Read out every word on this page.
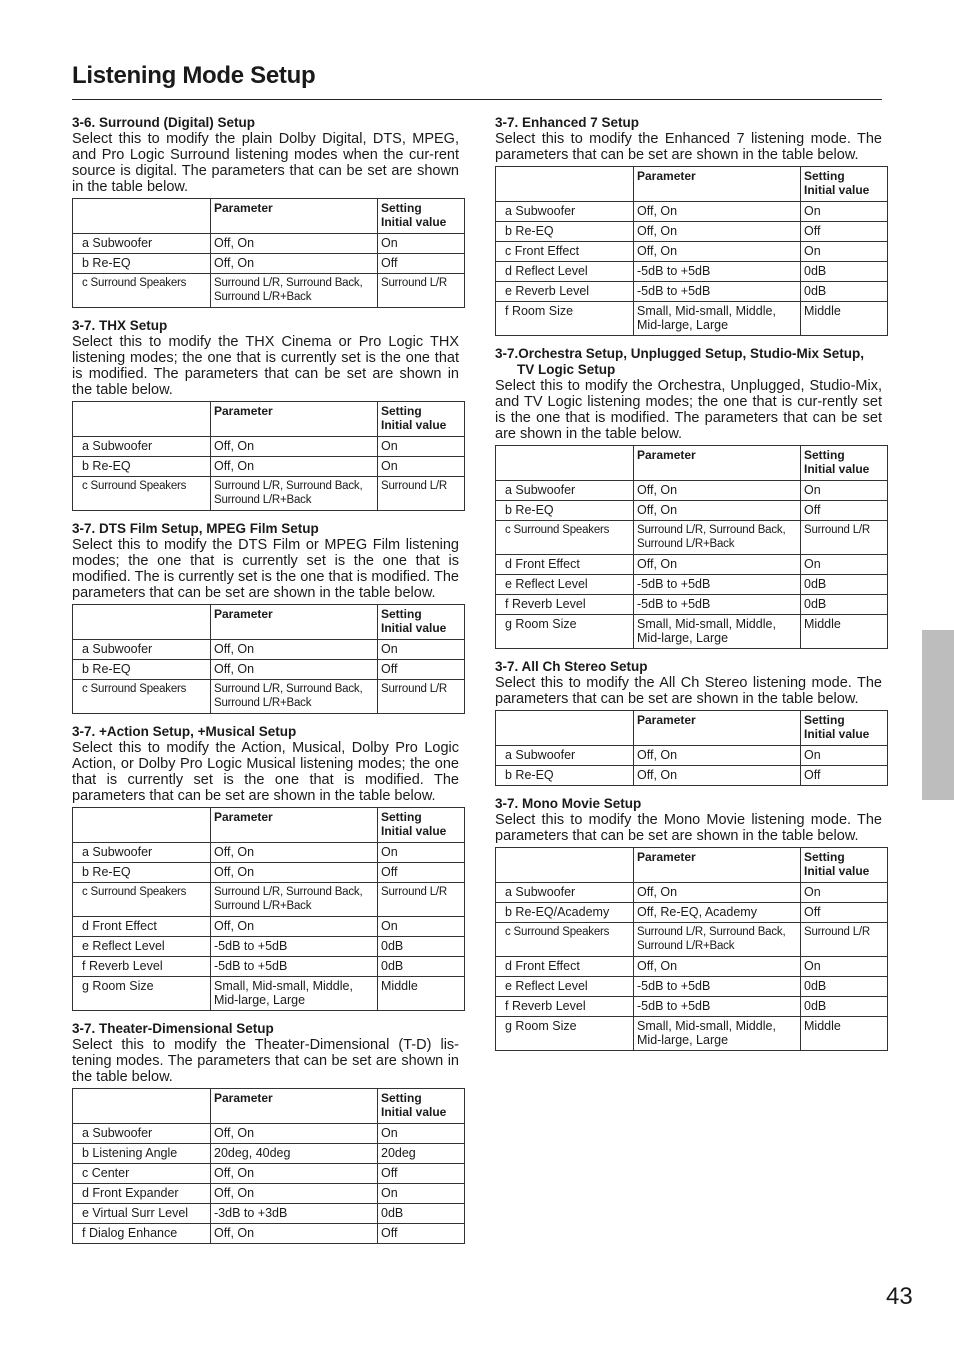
Listening Mode Setup
3-6. Surround (Digital) Setup

Select this to modify the plain Dolby Digital, DTS, MPEG, and Pro Logic Surround listening modes when the cur-rent source is digital. The parameters that can be set are shown in the table below.

	Parameter	Setting
Initial value

a Subwoofer	Off, On	On
b Re-EQ	Off, On	Off
c Surround Speakers	Surround L/R, Surround Back, Surround L/R+Back	Surround L/R
3-7. THX Setup

Select this to modify the THX Cinema or Pro Logic THX listening modes; the one that is currently set is the one that is modified. The parameters that can be set are shown in the table below.

	Parameter	Setting
Initial value

a Subwoofer	Off, On	On
b Re-EQ	Off, On	On
c Surround Speakers	Surround L/R, Surround Back, Surround L/R+Back	Surround L/R
3-7. DTS Film Setup, MPEG Film Setup

Select this to modify the DTS Film or MPEG Film listening modes; the one that is currently set is the one that is modified. The is currently set is the one that is modified. The parameters that can be set are shown in the table below.

	Parameter	Setting
Initial value

a Subwoofer	Off, On	On
b Re-EQ	Off, On	Off
c Surround Speakers	Surround L/R, Surround Back, Surround L/R+Back	Surround L/R
3-7. +Action Setup, +Musical Setup

Select this to modify the Action, Musical, Dolby Pro Logic Action, or Dolby Pro Logic Musical listening modes; the one that is currently set is the one that is modified. The parameters that can be set are shown in the table below.

	Parameter	Setting
Initial value

a Subwoofer	Off, On	On
b Re-EQ	Off, On	Off
c Surround Speakers	Surround L/R, Surround Back, Surround L/R+Back	Surround L/R
d Front Effect	Off, On	On
e Reflect Level	-5dB to +5dB	0dB
f Reverb Level	-5dB to +5dB	0dB
g Room Size	Small, Mid-small, Middle, Mid-large, Large	Middle
3-7. Theater-Dimensional Setup

Select this to modify the Theater-Dimensional (T-D) lis-tening modes. The parameters that can be set are shown in the table below.

	Parameter	Setting
Initial value

a Subwoofer	Off, On	On
b Listening Angle	20deg, 40deg	20deg
c Center	Off, On	Off
d Front Expander	Off, On	On
e Virtual Surr Level	-3dB to +3dB	0dB
f Dialog Enhance	Off, On	Off
3-7. Enhanced 7 Setup

Select this to modify the Enhanced 7 listening mode. The parameters that can be set are shown in the table below.

	Parameter	Setting
Initial value

a Subwoofer	Off, On	On
b Re-EQ	Off, On	Off
c Front Effect	Off, On	On
d Reflect Level	-5dB to +5dB	0dB
e Reverb Level	-5dB to +5dB	0dB
f Room Size	Small, Mid-small, Middle, Mid-large, Large	Middle
3-7.Orchestra Setup, Unplugged Setup, Studio-Mix Setup, TV Logic Setup

Select this to modify the Orchestra, Unplugged, Studio-Mix, and TV Logic listening modes; the one that is cur-rently set is the one that is modified. The parameters that can be set are shown in the table below.

	Parameter	Setting
Initial value

a Subwoofer	Off, On	On
b Re-EQ	Off, On	Off
c Surround Speakers	Surround L/R, Surround Back, Surround L/R+Back	Surround L/R
d Front Effect	Off, On	On
e Reflect Level	-5dB to +5dB	0dB
f Reverb Level	-5dB to +5dB	0dB
g Room Size	Small, Mid-small, Middle, Mid-large, Large	Middle
3-7. All Ch Stereo Setup

Select this to modify the All Ch Stereo listening mode. The parameters that can be set are shown in the table below.

	Parameter	Setting
Initial value

a Subwoofer	Off, On	On
b Re-EQ	Off, On	Off
3-7. Mono Movie Setup

Select this to modify the Mono Movie listening mode. The parameters that can be set are shown in the table below.

	Parameter	Setting
Initial value

a Subwoofer	Off, On	On
b Re-EQ/Academy	Off, Re-EQ, Academy	Off
c Surround Speakers	Surround L/R, Surround Back, Surround L/R+Back	Surround L/R
d Front Effect	Off, On	On
e Reflect Level	-5dB to +5dB	0dB
f Reverb Level	-5dB to +5dB	0dB
g Room Size	Small, Mid-small, Middle, Mid-large, Large	Middle
43
